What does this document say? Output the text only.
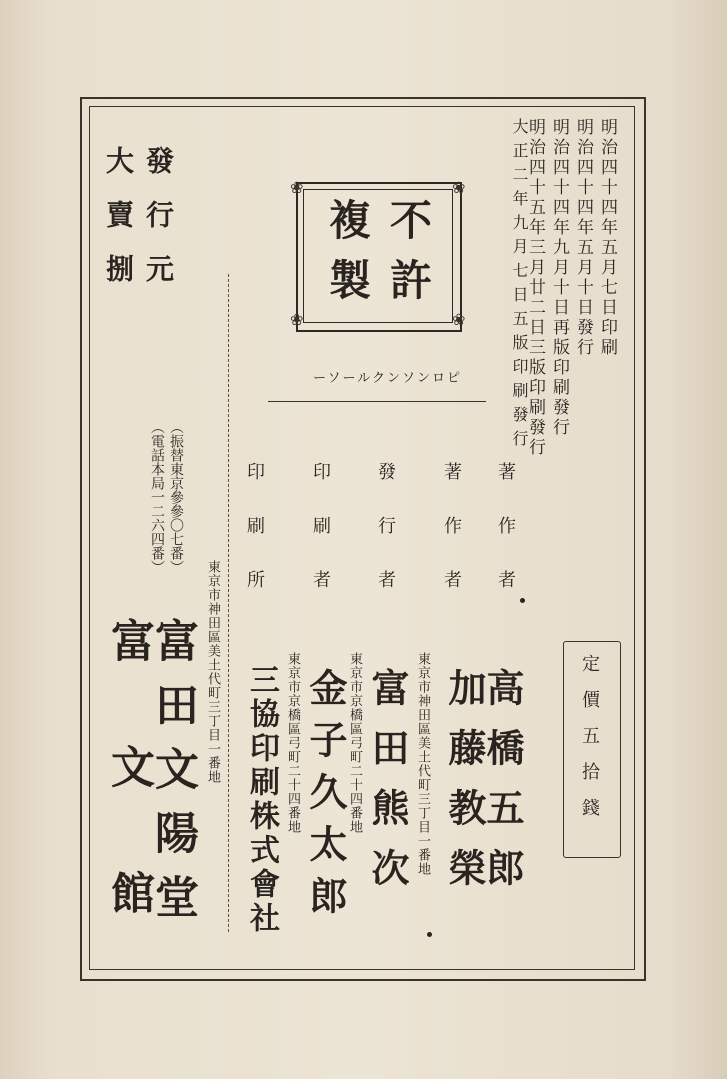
明治四十四年五月七日印刷
明治四十四年五月十日發行
明治四十四年九月十日再版印刷發行
明治四十五年三月廿二日三版印刷發行
大正二年九月七日五版印刷發行
❀	❀
❀	❀
不許
複製
ーソールクンソンロピ
著作者
著作者
發行者
印刷者
印刷所
定價五拾錢
高橋五郎
加藤教榮
東京市神田區美土代町三丁目一番地
富田熊次
東京市京橋區弓町二十四番地
金子久太郎
東京市京橋區弓町二十四番地
三協印刷株式會社
發行元
大賣捌
（振替東京參參〇七番）
（電話本局一二六四番）
東京市神田區美土代町三丁目一番地
富田文陽堂
富文館
